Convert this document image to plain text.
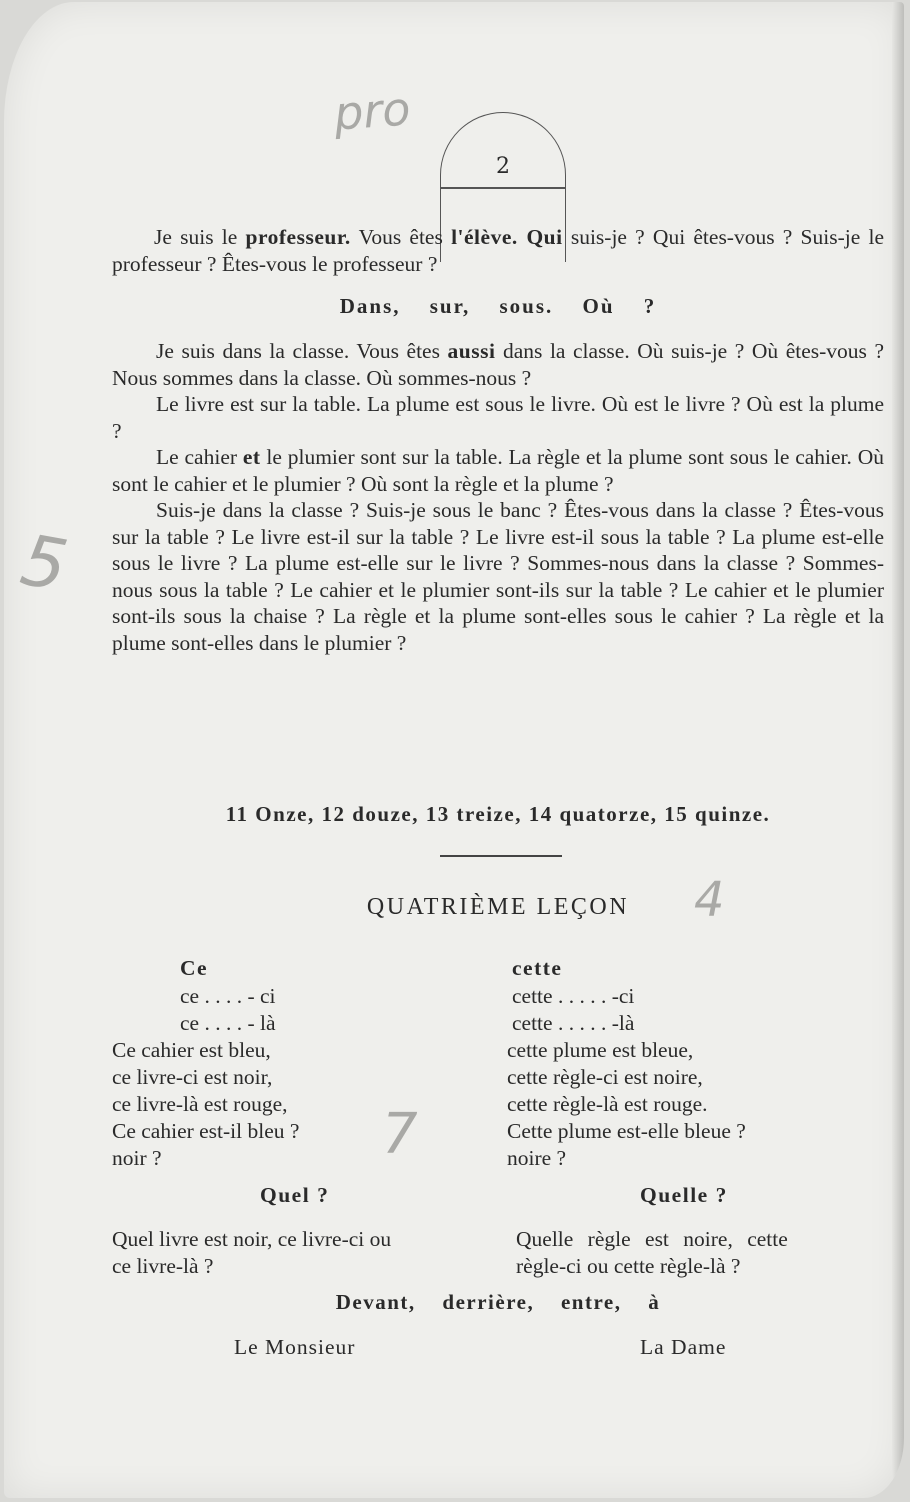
pro
5
4
7
2

Je suis le professeur. Vous êtes l'élève. Qui suis-je ? Qui êtes-vous ? Suis-je le professeur ? Êtes-vous le professeur ?

Dans, sur, sous. Où ?

Je suis dans la classe. Vous êtes aussi dans la classe. Où suis-je ? Où êtes-vous ? Nous sommes dans la classe. Où sommes-nous ?

Le livre est sur la table. La plume est sous le livre. Où est le livre ? Où est la plume ?

Le cahier et le plumier sont sur la table. La règle et la plume sont sous le cahier. Où sont le cahier et le plumier ? Où sont la règle et la plume ?

Suis-je dans la classe ? Suis-je sous le banc ? Êtes-vous dans la classe ? Êtes-vous sur la table ? Le livre est-il sur la table ? Le livre est-il sous la table ? La plume est-elle sous le livre ? La plume est-elle sur le livre ? Sommes-nous dans la classe ? Sommes-nous sous la table ? Le cahier et le plumier sont-ils sur la table ? Le cahier et le plumier sont-ils sous la chaise ? La règle et la plume sont-elles sous le cahier ? La règle et la plume sont-elles dans le plumier ?

11 Onze, 12 douze, 13 treize, 14 quatorze, 15 quinze.
QUATRIÈME LEÇON
Ce
ce . . . . - ci
ce . . . . - là
Ce cahier est bleu,
ce livre-ci est noir,
ce livre-là est rouge,
Ce cahier est-il bleu ?
noir ?
cette
cette . . . . . -ci
cette . . . . . -là
cette plume est bleue,
cette règle-ci est noire,
cette règle-là est rouge.
Cette plume est-elle bleue ?
noire ?
Quel ?	Quelle ?
Quel livre est noir, ce livre-ci ou
ce livre-là ?
Quelle règle est noire, cette
règle-ci ou cette règle-là ?
Devant, derrière, entre, à
Le Monsieur	La Dame
